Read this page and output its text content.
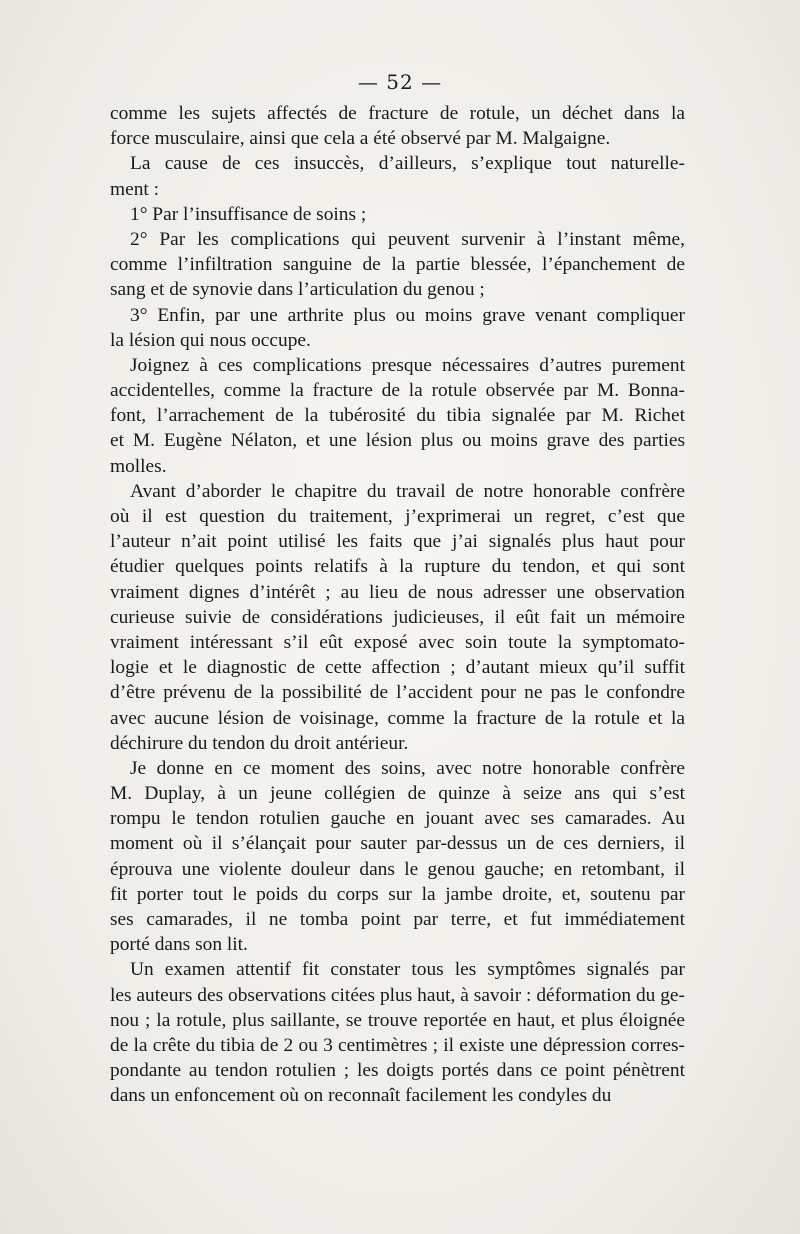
— 52 —
comme les sujets affectés de fracture de rotule, un déchet dans la
force musculaire, ainsi que cela a été observé par M. Malgaigne.
La cause de ces insuccès, d’ailleurs, s’explique tout naturelle-
ment :
1° Par l’insuffisance de soins ;
2° Par les complications qui peuvent survenir à l’instant même,
comme l’infiltration sanguine de la partie blessée, l’épanchement de
sang et de synovie dans l’articulation du genou ;
3° Enfin, par une arthrite plus ou moins grave venant compliquer
la lésion qui nous occupe.
Joignez à ces complications presque nécessaires d’autres purement
accidentelles, comme la fracture de la rotule observée par M. Bonna-
font, l’arrachement de la tubérosité du tibia signalée par M. Richet
et M. Eugène Nélaton, et une lésion plus ou moins grave des parties
molles.
Avant d’aborder le chapitre du travail de notre honorable confrère
où il est question du traitement, j’exprimerai un regret, c’est que
l’auteur n’ait point utilisé les faits que j’ai signalés plus haut pour
étudier quelques points relatifs à la rupture du tendon, et qui sont
vraiment dignes d’intérêt ; au lieu de nous adresser une observation
curieuse suivie de considérations judicieuses, il eût fait un mémoire
vraiment intéressant s’il eût exposé avec soin toute la symptomato-
logie et le diagnostic de cette affection ; d’autant mieux qu’il suffit
d’être prévenu de la possibilité de l’accident pour ne pas le confondre
avec aucune lésion de voisinage, comme la fracture de la rotule et la
déchirure du tendon du droit antérieur.
Je donne en ce moment des soins, avec notre honorable confrère
M. Duplay, à un jeune collégien de quinze à seize ans qui s’est
rompu le tendon rotulien gauche en jouant avec ses camarades. Au
moment où il s’élançait pour sauter par-dessus un de ces derniers, il
éprouva une violente douleur dans le genou gauche; en retombant, il
fit porter tout le poids du corps sur la jambe droite, et, soutenu par
ses camarades, il ne tomba point par terre, et fut immédiatement
porté dans son lit.
Un examen attentif fit constater tous les symptômes signalés par
les auteurs des observations citées plus haut, à savoir : déformation du ge-
nou ; la rotule, plus saillante, se trouve reportée en haut, et plus éloignée
de la crête du tibia de 2 ou 3 centimètres ; il existe une dépression corres-
pondante au tendon rotulien ; les doigts portés dans ce point pénètrent
dans un enfoncement où on reconnaît facilement les condyles du
